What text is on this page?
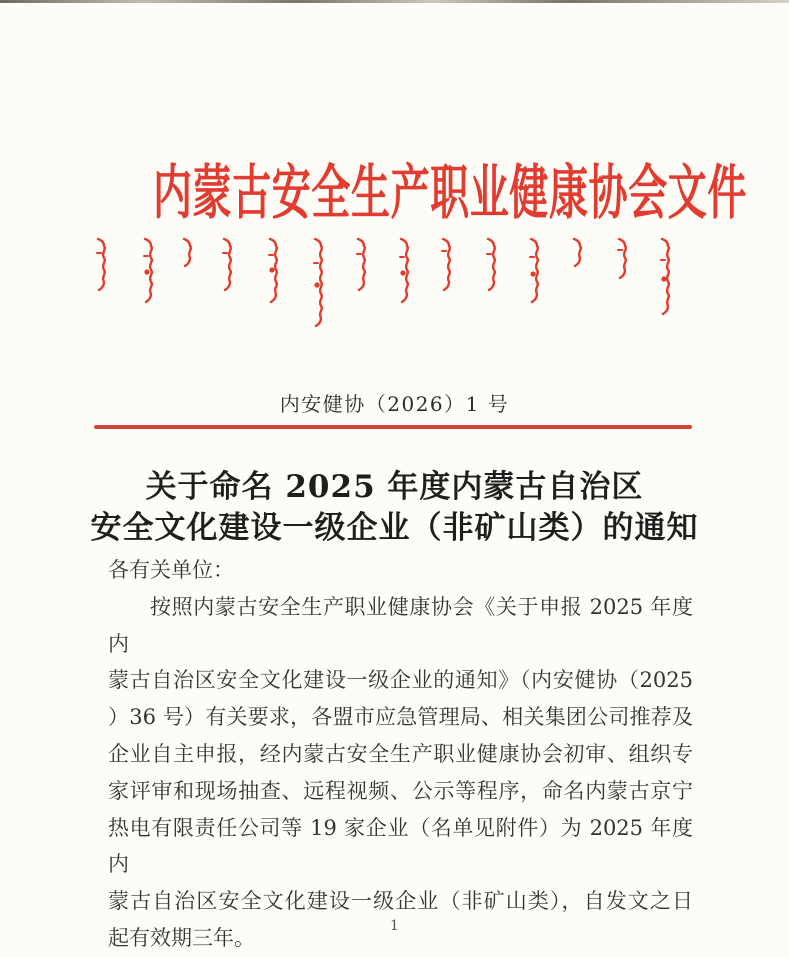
内蒙古安全生产职业健康协会文件
内安健协（2026）1 号
关于命名 2025 年度内蒙古自治区
安全文化建设一级企业（非矿山类）的通知
各有关单位：
按照内蒙古安全生产职业健康协会《关于申报 2025 年度内
蒙古自治区安全文化建设一级企业的通知》（内安健协（2025
）36 号）有关要求，各盟市应急管理局、相关集团公司推荐及
企业自主申报，经内蒙古安全生产职业健康协会初审、组织专
家评审和现场抽查、远程视频、公示等程序，命名内蒙古京宁
热电有限责任公司等 19 家企业（名单见附件）为 2025 年度内
蒙古自治区安全文化建设一级企业（非矿山类），自发文之日
起有效期三年。	1
